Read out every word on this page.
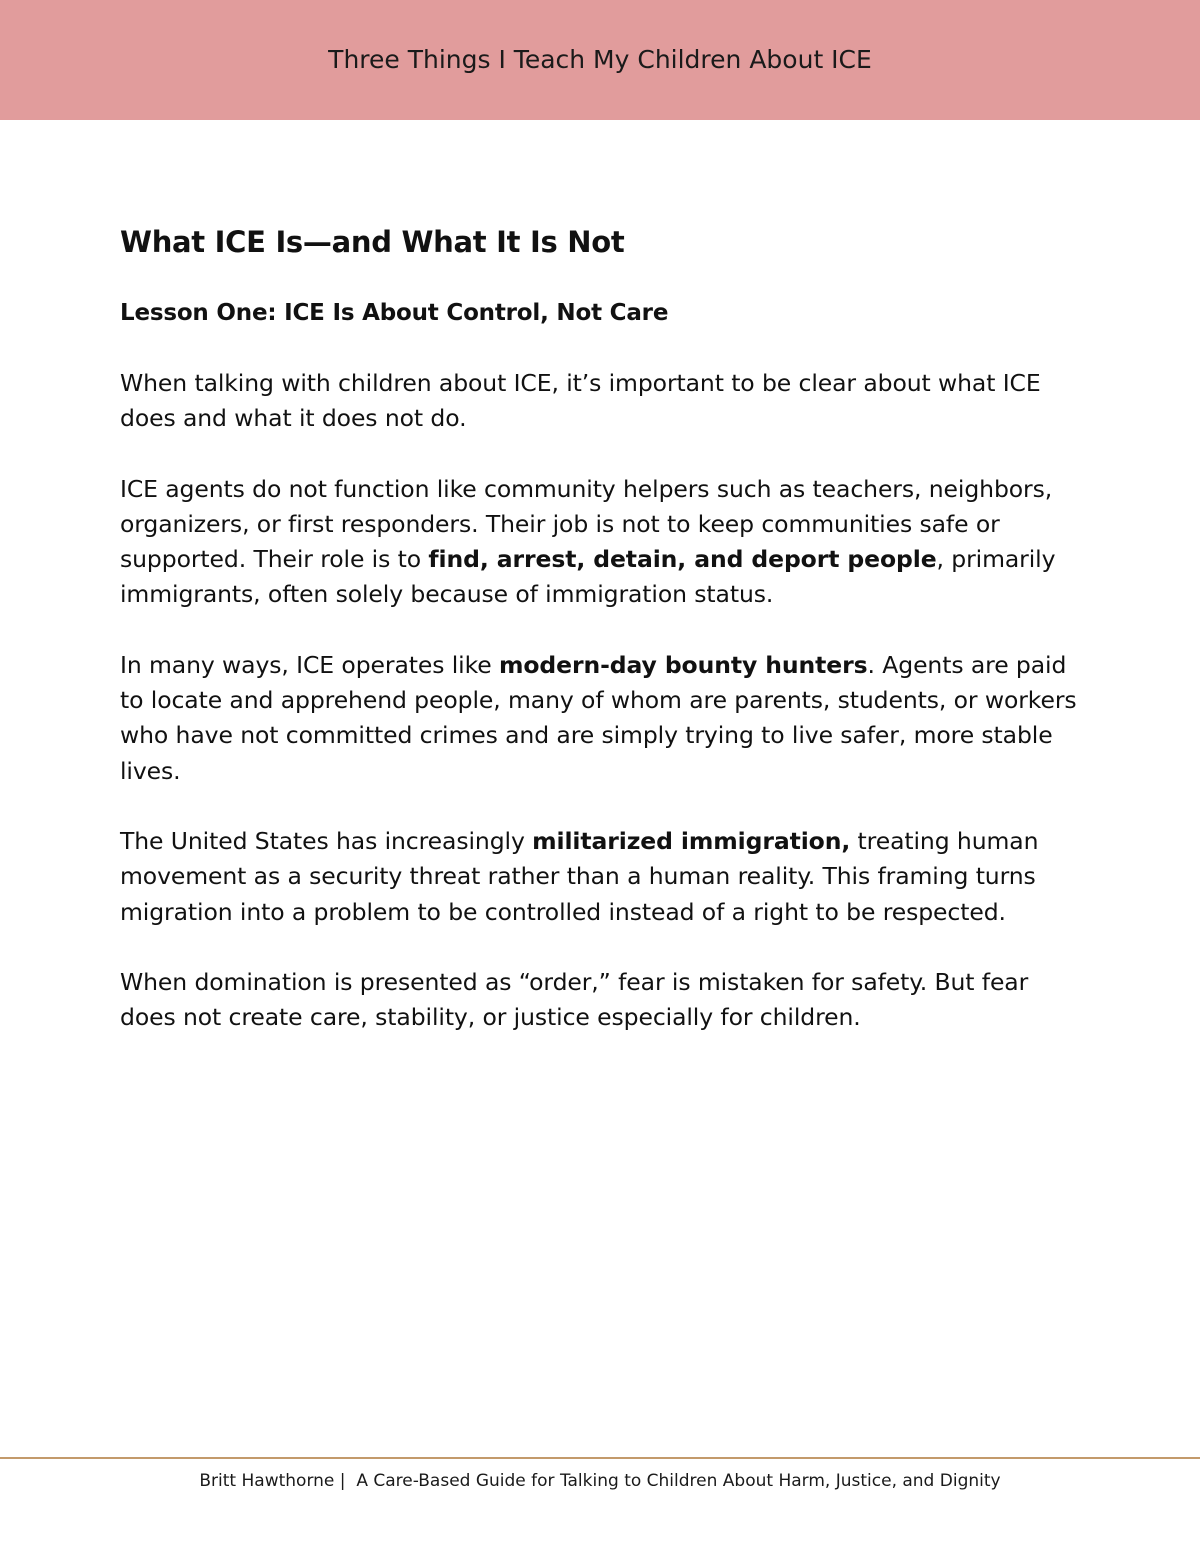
Three Things I Teach My Children About ICE
What ICE Is—and What It Is Not
Lesson One: ICE Is About Control, Not Care

When talking with children about ICE, it’s important to be clear about what ICE does and what it does not do.

ICE agents do not function like community helpers such as teachers, neighbors, organizers, or first responders. Their job is not to keep communities safe or supported. Their role is to find, arrest, detain, and deport people, primarily immigrants, often solely because of immigration status.

In many ways, ICE operates like modern-day bounty hunters. Agents are paid to locate and apprehend people, many of whom are parents, students, or workers who have not committed crimes and are simply trying to live safer, more stable lives.

The United States has increasingly militarized immigration, treating human movement as a security threat rather than a human reality. This framing turns migration into a problem to be controlled instead of a right to be respected.

When domination is presented as “order,” fear is mistaken for safety. But fear does not create care, stability, or justice especially for children.

Britt Hawthorne |  A Care-Based Guide for Talking to Children About Harm, Justice, and Dignity
